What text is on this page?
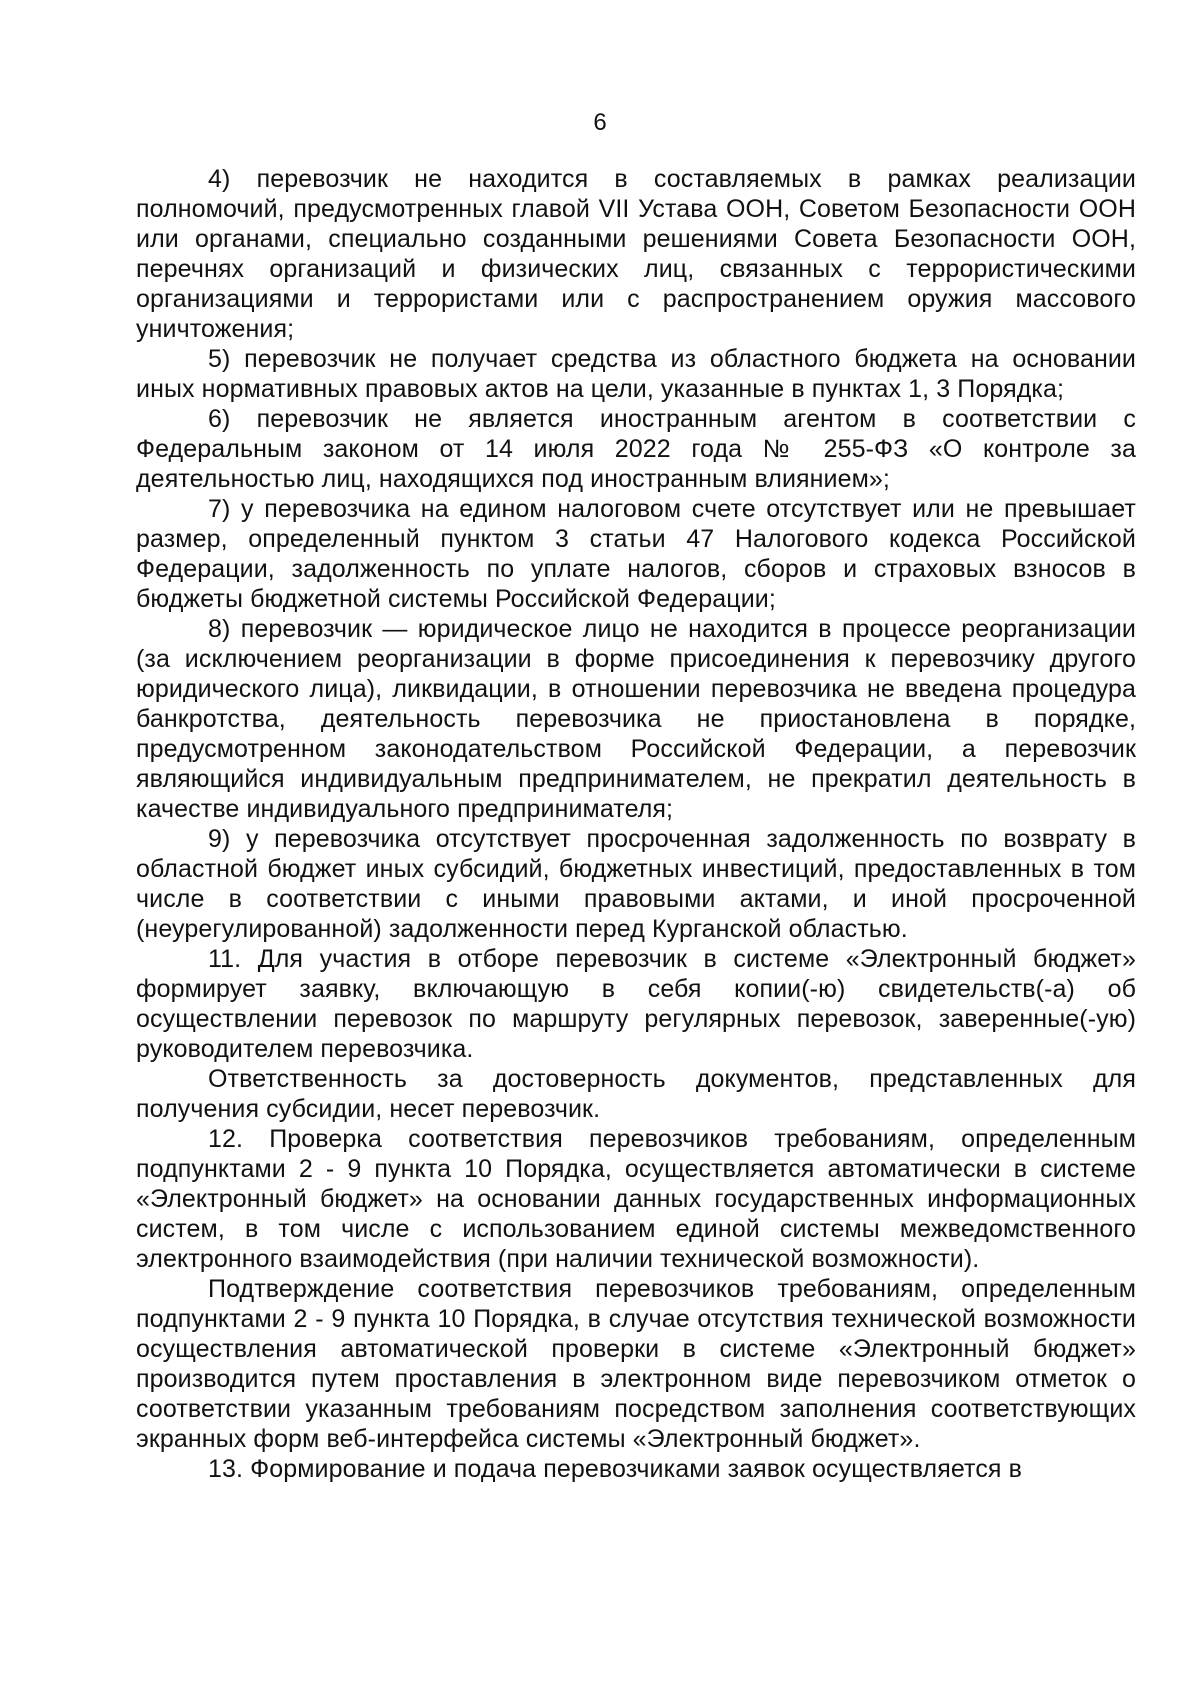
6

4) перевозчик не находится в составляемых в рамках реализации полномочий, предусмотренных главой VII Устава ООН, Советом Безопасности ООН или органами, специально созданными решениями Совета Безопасности ООН, перечнях организаций и физических лиц, связанных с террористическими организациями и террористами или с распространением оружия массового уничтожения;

5) перевозчик не получает средства из областного бюджета на основании иных нормативных правовых актов на цели, указанные в пунктах 1, 3 Порядка;

6) перевозчик не является иностранным агентом в соответствии с Федеральным законом от 14 июля 2022 года № 255-ФЗ «О контроле за деятельностью лиц, находящихся под иностранным влиянием»;

7) у перевозчика на едином налоговом счете отсутствует или не превышает размер, определенный пунктом 3 статьи 47 Налогового кодекса Российской Федерации, задолженность по уплате налогов, сборов и страховых взносов в бюджеты бюджетной системы Российской Федерации;

8) перевозчик — юридическое лицо не находится в процессе реорганизации (за исключением реорганизации в форме присоединения к перевозчику другого юридического лица), ликвидации, в отношении перевозчика не введена процедура банкротства, деятельность перевозчика не приостановлена в порядке, предусмотренном законодательством Российской Федерации, а перевозчик являющийся индивидуальным предпринимателем, не прекратил деятельность в качестве индивидуального предпринимателя;

9) у перевозчика отсутствует просроченная задолженность по возврату в областной бюджет иных субсидий, бюджетных инвестиций, предоставленных в том числе в соответствии с иными правовыми актами, и иной просроченной (неурегулированной) задолженности перед Курганской областью.

11. Для участия в отборе перевозчик в системе «Электронный бюджет» формирует заявку, включающую в себя копии(-ю) свидетельств(-а) об осуществлении перевозок по маршруту регулярных перевозок, заверенные(-ую) руководителем перевозчика.

Ответственность за достоверность документов, представленных для получения субсидии, несет перевозчик.

12. Проверка соответствия перевозчиков требованиям, определенным подпунктами 2 - 9 пункта 10 Порядка, осуществляется автоматически в системе «Электронный бюджет» на основании данных государственных информационных систем, в том числе с использованием единой системы межведомственного электронного взаимодействия (при наличии технической возможности).

Подтверждение соответствия перевозчиков требованиям, определенным подпунктами 2 - 9 пункта 10 Порядка, в случае отсутствия технической возможности осуществления автоматической проверки в системе «Электронный бюджет» производится путем проставления в электронном виде перевозчиком отметок о соответствии указанным требованиям посредством заполнения соответствующих экранных форм веб-интерфейса системы «Электронный бюджет».

13. Формирование и подача перевозчиками заявок осуществляется в
